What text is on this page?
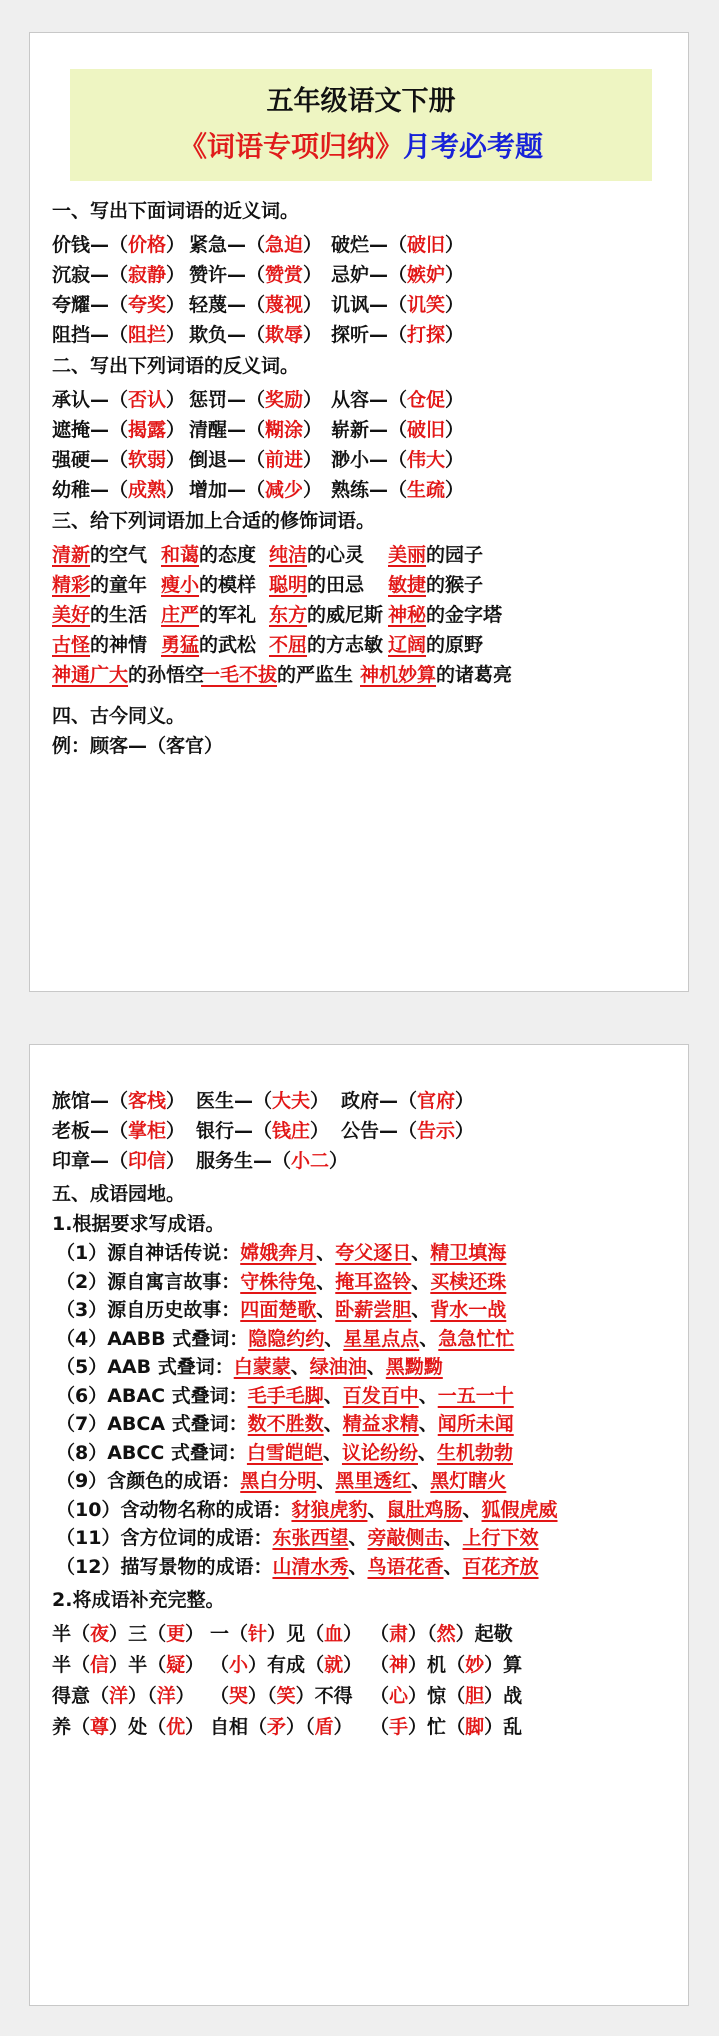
五年级语文下册
《词语专项归纳》月考必考题
一、写出下面词语的近义词。
价钱—（价格） 紧急—（急迫） 破烂—（破旧）
沉寂—（寂静） 赞许—（赞赏） 忌妒—（嫉妒）
夸耀—（夸奖） 轻蔑—（蔑视） 讥讽—（讥笑）
阻挡—（阻拦） 欺负—（欺辱） 探听—（打探）
二、写出下列词语的反义词。
承认—（否认） 惩罚—（奖励） 从容—（仓促）
遮掩—（揭露） 清醒—（糊涂） 崭新—（破旧）
强硬—（软弱） 倒退—（前进） 渺小—（伟大）
幼稚—（成熟） 增加—（减少） 熟练—（生疏）
三、给下列词语加上合适的修饰词语。
清新的空气 和蔼的态度 纯洁的心灵 美丽的园子
精彩的童年 瘦小的模样 聪明的田忌 敏捷的猴子
美好的生活 庄严的军礼 东方的威尼斯 神秘的金字塔
古怪的神情 勇猛的武松 不屈的方志敏 辽阔的原野
神通广大的孙悟空
一毛不拔的严监生 神机妙算的诸葛亮
四、古今同义。
例：顾客—（客官）
旅馆—（客栈） 医生—（大夫） 政府—（官府）
老板—（掌柜） 银行—（钱庄） 公告—（告示）
印章—（印信） 服务生—（小二）
五、成语园地。
1.根据要求写成语。
（1）源自神话传说：嫦娥奔月、夸父逐日、精卫填海
（2）源自寓言故事：守株待兔、掩耳盗铃、买椟还珠
（3）源自历史故事：四面楚歌、卧薪尝胆、背水一战
（4）AABB 式叠词：隐隐约约、星星点点、急急忙忙
（5）AAB 式叠词：白蒙蒙、绿油油、黑黝黝
（6）ABAC 式叠词：毛手毛脚、百发百中、一五一十
（7）ABCA 式叠词：数不胜数、精益求精、闻所未闻
（8）ABCC 式叠词：白雪皑皑、议论纷纷、生机勃勃
（9）含颜色的成语：黑白分明、黑里透红、黑灯瞎火
（10）含动物名称的成语：豺狼虎豹、鼠肚鸡肠、狐假虎威
（11）含方位词的成语：东张西望、旁敲侧击、上行下效
（12）描写景物的成语：山清水秀、鸟语花香、百花齐放
2.将成语补充完整。
半（夜）三（更） 一（针）见（血） （肃）（然）起敬
半（信）半（疑） （小）有成（就） （神）机（妙）算
得意（洋）（洋） （哭）（笑）不得 （心）惊（胆）战
养（尊）处（优） 自相（矛）（盾） （手）忙（脚）乱
